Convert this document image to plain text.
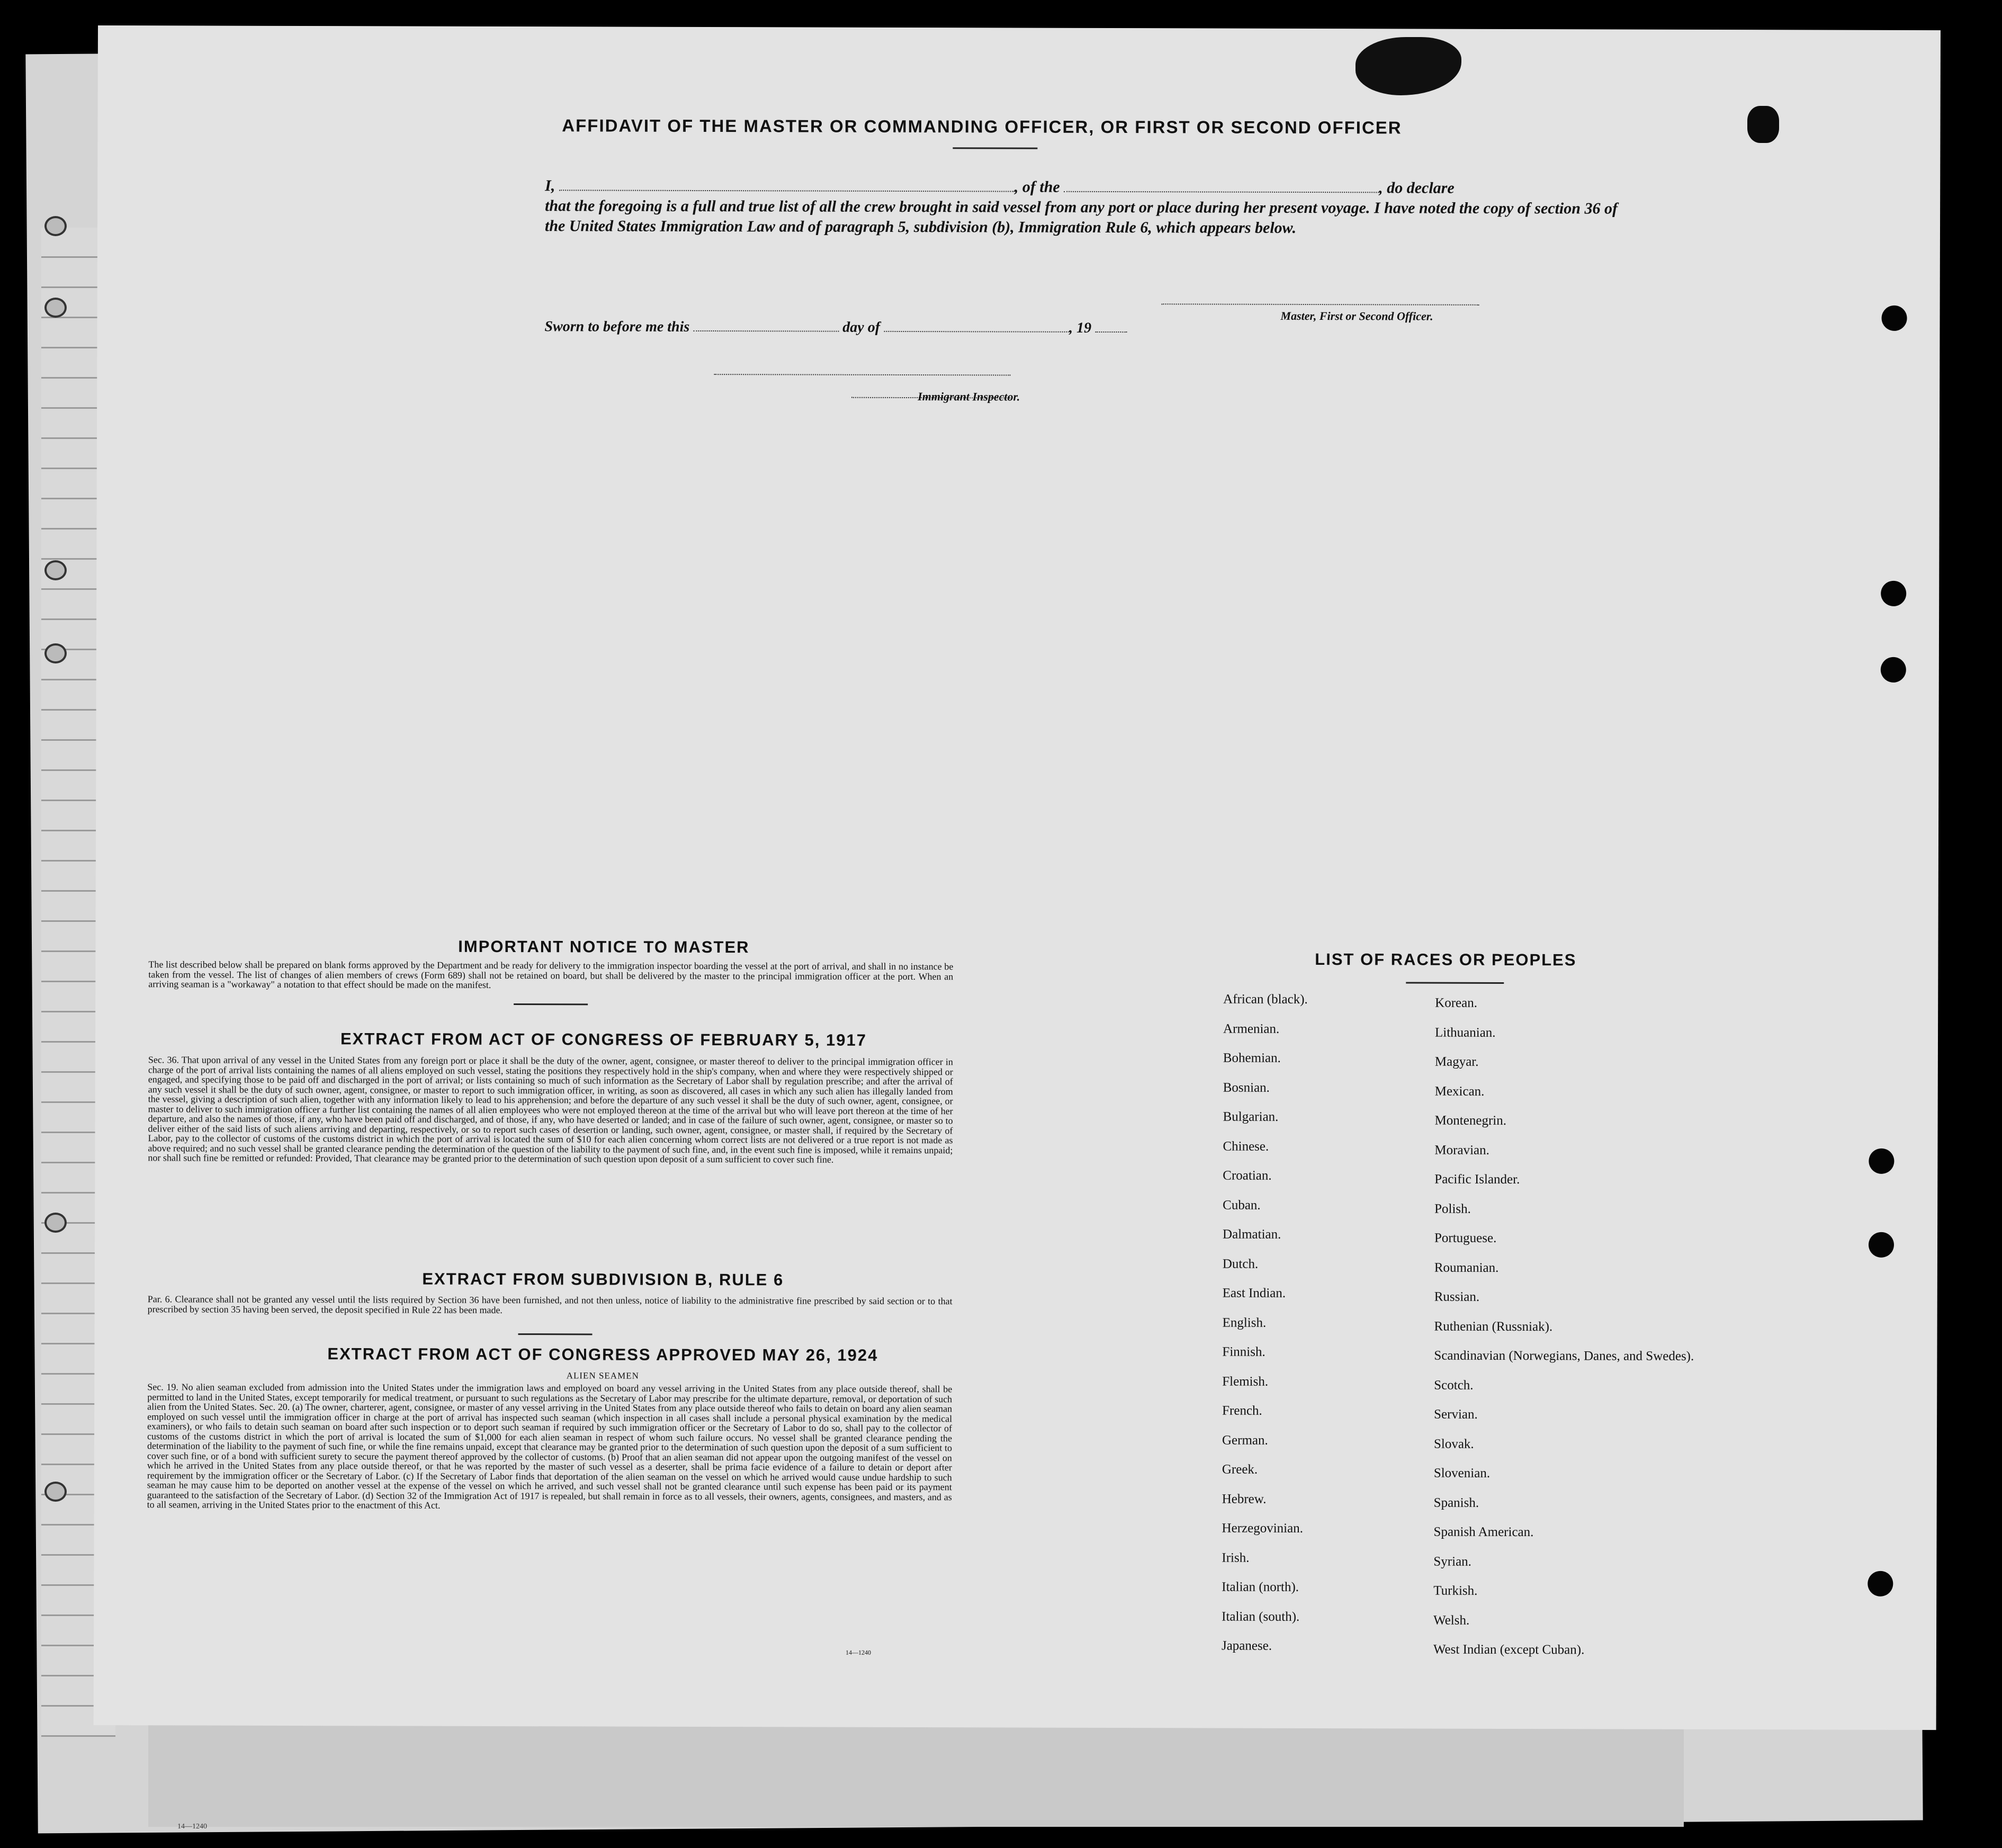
14—1240
AFFIDAVIT OF THE MASTER OR COMMANDING OFFICER, OR FIRST OR SECOND OFFICER
I,	, of the	, do declare
that the foregoing is a full and true list of all the crew brought in said vessel from any port or place during her present voyage. I have noted the copy of section 36 of the United States Immigration Law and of paragraph 5, subdivision (b), Immigration Rule 6, which appears below.
Master, First or Second Officer.
Sworn to before me this	day of	, 19
Immigrant Inspector.
IMPORTANT NOTICE TO MASTER
The list described below shall be prepared on blank forms approved by the Department and be ready for delivery to the immigration inspector boarding the vessel at the port of arrival, and shall in no instance be taken from the vessel. The list of changes of alien members of crews (Form 689) shall not be retained on board, but shall be delivered by the master to the principal immigration officer at the port. When an arriving seaman is a "workaway" a notation to that effect should be made on the manifest.
EXTRACT FROM ACT OF CONGRESS OF FEBRUARY 5, 1917
Sec. 36. That upon arrival of any vessel in the United States from any foreign port or place it shall be the duty of the owner, agent, consignee, or master thereof to deliver to the principal immigration officer in charge of the port of arrival lists containing the names of all aliens employed on such vessel, stating the positions they respectively hold in the ship's company, when and where they were respectively shipped or engaged, and specifying those to be paid off and discharged in the port of arrival; or lists containing so much of such information as the Secretary of Labor shall by regulation prescribe; and after the arrival of any such vessel it shall be the duty of such owner, agent, consignee, or master to report to such immigration officer, in writing, as soon as discovered, all cases in which any such alien has illegally landed from the vessel, giving a description of such alien, together with any information likely to lead to his apprehension; and before the departure of any such vessel it shall be the duty of such owner, agent, consignee, or master to deliver to such immigration officer a further list containing the names of all alien employees who were not employed thereon at the time of the arrival but who will leave port thereon at the time of her departure, and also the names of those, if any, who have been paid off and discharged, and of those, if any, who have deserted or landed; and in case of the failure of such owner, agent, consignee, or master so to deliver either of the said lists of such aliens arriving and departing, respectively, or so to report such cases of desertion or landing, such owner, agent, consignee, or master shall, if required by the Secretary of Labor, pay to the collector of customs of the customs district in which the port of arrival is located the sum of $10 for each alien concerning whom correct lists are not delivered or a true report is not made as above required; and no such vessel shall be granted clearance pending the determination of the question of the liability to the payment of such fine, and, in the event such fine is imposed, while it remains unpaid; nor shall such fine be remitted or refunded: Provided, That clearance may be granted prior to the determination of such question upon deposit of a sum sufficient to cover such fine.
EXTRACT FROM SUBDIVISION B, RULE 6
Par. 6. Clearance shall not be granted any vessel until the lists required by Section 36 have been furnished, and not then unless, notice of liability to the administrative fine prescribed by said section or to that prescribed by section 35 having been served, the deposit specified in Rule 22 has been made.
EXTRACT FROM ACT OF CONGRESS APPROVED MAY 26, 1924
ALIEN SEAMEN
Sec. 19. No alien seaman excluded from admission into the United States under the immigration laws and employed on board any vessel arriving in the United States from any place outside thereof, shall be permitted to land in the United States, except temporarily for medical treatment, or pursuant to such regulations as the Secretary of Labor may prescribe for the ultimate departure, removal, or deportation of such alien from the United States. Sec. 20. (a) The owner, charterer, agent, consignee, or master of any vessel arriving in the United States from any place outside thereof who fails to detain on board any alien seaman employed on such vessel until the immigration officer in charge at the port of arrival has inspected such seaman (which inspection in all cases shall include a personal physical examination by the medical examiners), or who fails to detain such seaman on board after such inspection or to deport such seaman if required by such immigration officer or the Secretary of Labor to do so, shall pay to the collector of customs of the customs district in which the port of arrival is located the sum of $1,000 for each alien seaman in respect of whom such failure occurs. No vessel shall be granted clearance pending the determination of the liability to the payment of such fine, or while the fine remains unpaid, except that clearance may be granted prior to the determination of such question upon the deposit of a sum sufficient to cover such fine, or of a bond with sufficient surety to secure the payment thereof approved by the collector of customs. (b) Proof that an alien seaman did not appear upon the outgoing manifest of the vessel on which he arrived in the United States from any place outside thereof, or that he was reported by the master of such vessel as a deserter, shall be prima facie evidence of a failure to detain or deport after requirement by the immigration officer or the Secretary of Labor. (c) If the Secretary of Labor finds that deportation of the alien seaman on the vessel on which he arrived would cause undue hardship to such seaman he may cause him to be deported on another vessel at the expense of the vessel on which he arrived, and such vessel shall not be granted clearance until such expense has been paid or its payment guaranteed to the satisfaction of the Secretary of Labor. (d) Section 32 of the Immigration Act of 1917 is repealed, but shall remain in force as to all vessels, their owners, agents, consignees, and masters, and as to all seamen, arriving in the United States prior to the enactment of this Act.
14—1240
LIST OF RACES OR PEOPLES
African (black).
Armenian.
Bohemian.
Bosnian.
Bulgarian.
Chinese.
Croatian.
Cuban.
Dalmatian.
Dutch.
East Indian.
English.
Finnish.
Flemish.
French.
German.
Greek.
Hebrew.
Herzegovinian.
Irish.
Italian (north).
Italian (south).
Japanese.
Korean.
Lithuanian.
Magyar.
Mexican.
Montenegrin.
Moravian.
Pacific Islander.
Polish.
Portuguese.
Roumanian.
Russian.
Ruthenian (Russniak).
Scandinavian (Norwegians, Danes, and Swedes).
Scotch.
Servian.
Slovak.
Slovenian.
Spanish.
Spanish American.
Syrian.
Turkish.
Welsh.
West Indian (except Cuban).
